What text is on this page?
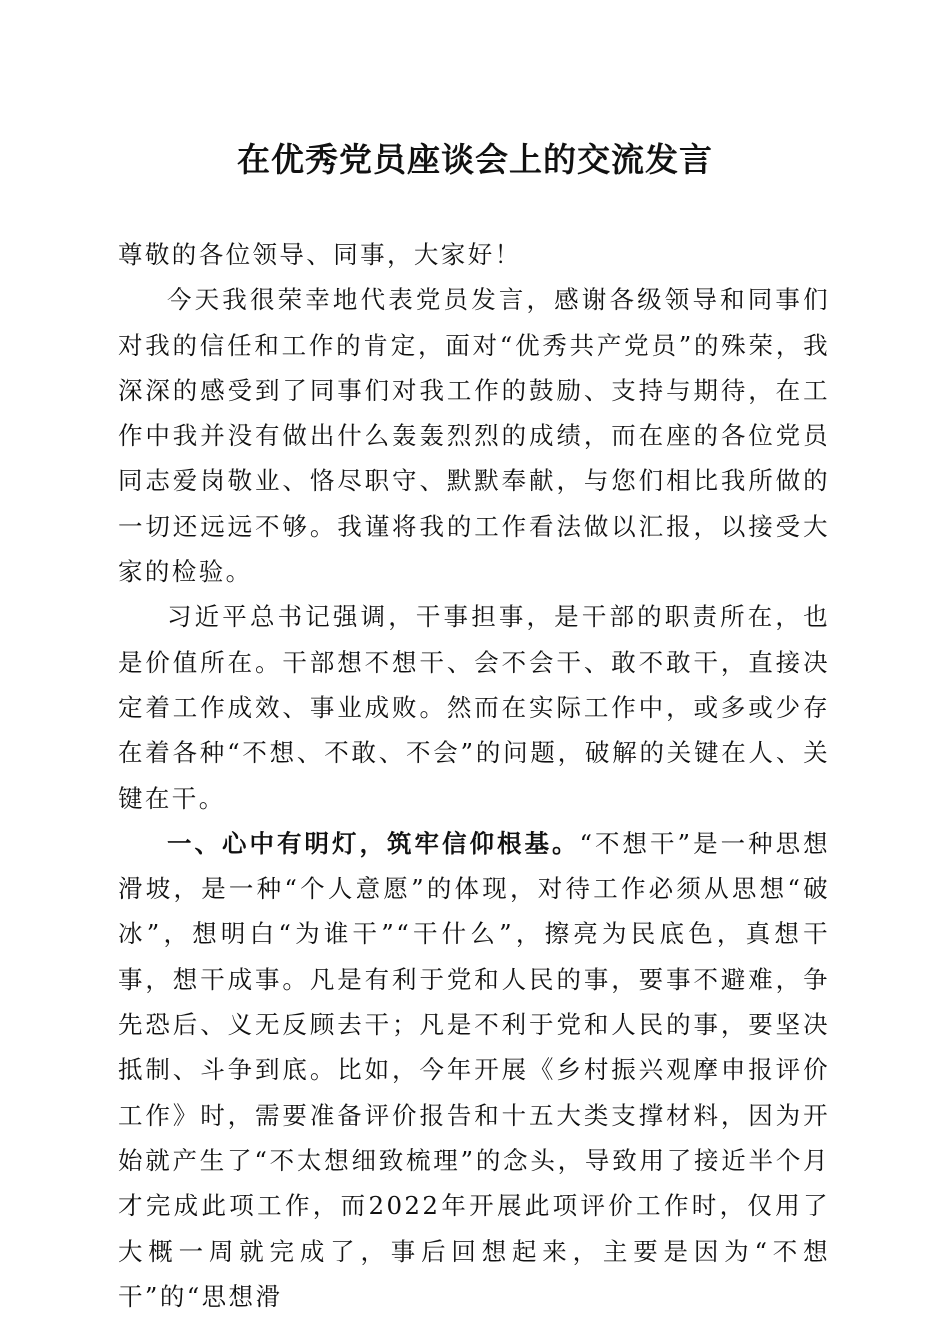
在优秀党员座谈会上的交流发言

尊敬的各位领导、同事，大家好！

今天我很荣幸地代表党员发言，感谢各级领导和同事们对我的信任和工作的肯定，面对“优秀共产党员”的殊荣，我深深的感受到了同事们对我工作的鼓励、支持与期待，在工作中我并没有做出什么轰轰烈烈的成绩，而在座的各位党员同志爱岗敬业、恪尽职守、默默奉献，与您们相比我所做的一切还远远不够。我谨将我的工作看法做以汇报，以接受大家的检验。

习近平总书记强调，干事担事，是干部的职责所在，也是价值所在。干部想不想干、会不会干、敢不敢干，直接决定着工作成效、事业成败。然而在实际工作中，或多或少存在着各种“不想、不敢、不会”的问题，破解的关键在人、关键在干。

一、心中有明灯，筑牢信仰根基。“不想干”是一种思想滑坡，是一种“个人意愿”的体现，对待工作必须从思想“破冰”，想明白“为谁干”“干什么”，擦亮为民底色，真想干事，想干成事。凡是有利于党和人民的事，要事不避难，争先恐后、义无反顾去干；凡是不利于党和人民的事，要坚决抵制、斗争到底。比如，今年开展《乡村振兴观摩申报评价工作》时，需要准备评价报告和十五大类支撑材料，因为开始就产生了“不太想细致梳理”的念头，导致用了接近半个月才完成此项工作，而2022年开展此项评价工作时，仅用了大概一周就完成了，事后回想起来，主要是因为“不想干”的“思想滑
